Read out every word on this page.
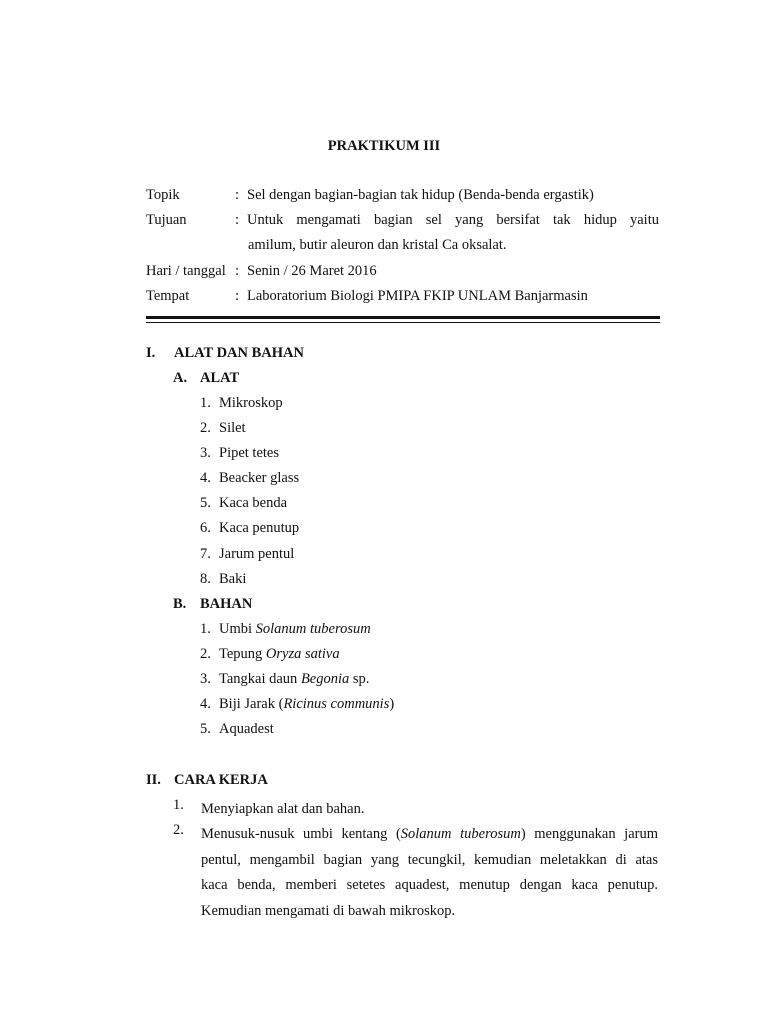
PRAKTIKUM III
Topik	: Sel dengan bagian-bagian tak hidup (Benda-benda ergastik)
Tujuan	: Untuk mengamati bagian sel yang bersifat tak hidup yaitu
amilum, butir aleuron dan kristal Ca oksalat.
Hari / tanggal : Senin / 26 Maret 2016
Tempat	: Laboratorium Biologi PMIPA FKIP UNLAM Banjarmasin
I. ALAT DAN BAHAN
A. ALAT
1. Mikroskop
2. Silet
3. Pipet tetes
4. Beacker glass
5. Kaca benda
6. Kaca penutup
7. Jarum pentul
8. Baki
B. BAHAN
1. Umbi Solanum tuberosum
2. Tepung Oryza sativa
3. Tangkai daun Begonia sp.
4. Biji Jarak (Ricinus communis)
5. Aquadest
II. CARA KERJA
1. Menyiapkan alat dan bahan.
2. Menusuk-nusuk umbi kentang (Solanum tuberosum) menggunakan jarum
pentul, mengambil bagian yang tecungkil, kemudian meletakkan di atas
kaca benda, memberi setetes aquadest, menutup dengan kaca penutup.
Kemudian mengamati di bawah mikroskop.
